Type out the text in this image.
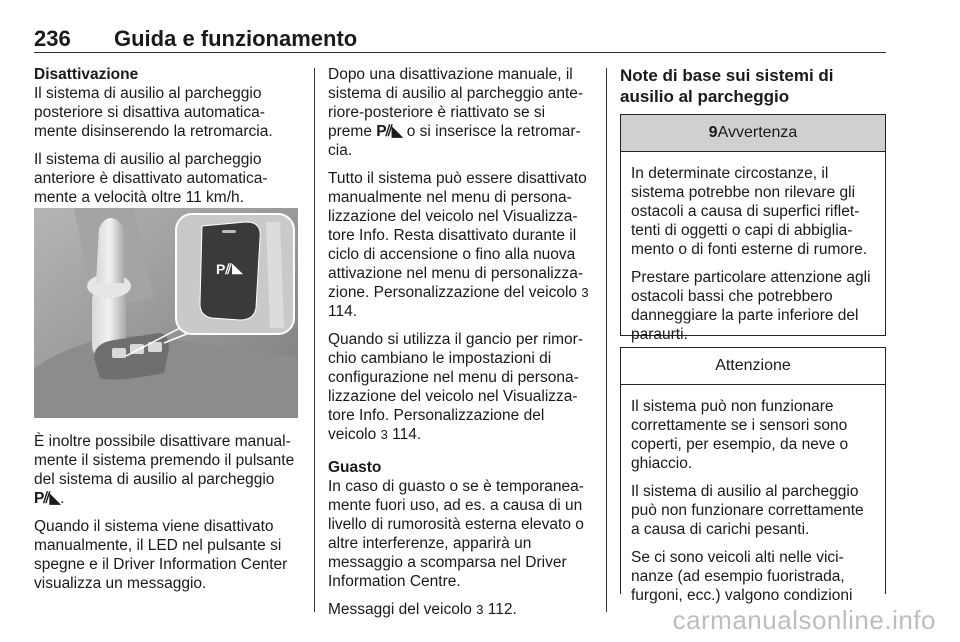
236 Guida e funzionamento
Disattivazione

Il sistema di ausilio al parcheggio posteriore si disattiva automatica-mente disinserendo la retromarcia.

Il sistema di ausilio al parcheggio anteriore è disattivato automatica-mente a velocità oltre 11 km/h.

P⫽◣

È inoltre possibile disattivare manual-mente il sistema premendo il pulsante del sistema di ausilio al parcheggio P⫽◣.

Quando il sistema viene disattivato manualmente, il LED nel pulsante si spegne e il Driver Information Center visualizza un messaggio.

Dopo una disattivazione manuale, il sistema di ausilio al parcheggio ante-riore-posteriore è riattivato se si preme P⫽◣ o si inserisce la retromar-cia.

Tutto il sistema può essere disattivato manualmente nel menu di persona-lizzazione del veicolo nel Visualizza-tore Info. Resta disattivato durante il ciclo di accensione o fino alla nuova attivazione nel menu di personalizza-zione. Personalizzazione del veicolo 3 114.

Quando si utilizza il gancio per rimor-chio cambiano le impostazioni di configurazione nel menu di persona-lizzazione del veicolo nel Visualizza-tore Info. Personalizzazione del veicolo 3 114.

Guasto

In caso di guasto o se è temporanea-mente fuori uso, ad es. a causa di un livello di rumorosità esterna elevato o altre interferenze, apparirà un messaggio a scomparsa nel Driver Information Centre.

Messaggi del veicolo 3 112.

Note di base sui sistemi di ausilio al parcheggio
9Avvertenza

In determinate circostanze, il sistema potrebbe non rilevare gli ostacoli a causa di superfici riflet-tenti di oggetti o capi di abbiglia-mento o di fonti esterne di rumore.

Prestare particolare attenzione agli ostacoli bassi che potrebbero danneggiare la parte inferiore del paraurti.

Attenzione

Il sistema può non funzionare correttamente se i sensori sono coperti, per esempio, da neve o ghiaccio.

Il sistema di ausilio al parcheggio può non funzionare correttamente a causa di carichi pesanti.

Se ci sono veicoli alti nelle vici-nanze (ad esempio fuoristrada, furgoni, ecc.) valgono condizioni

carmanualsonline.info
